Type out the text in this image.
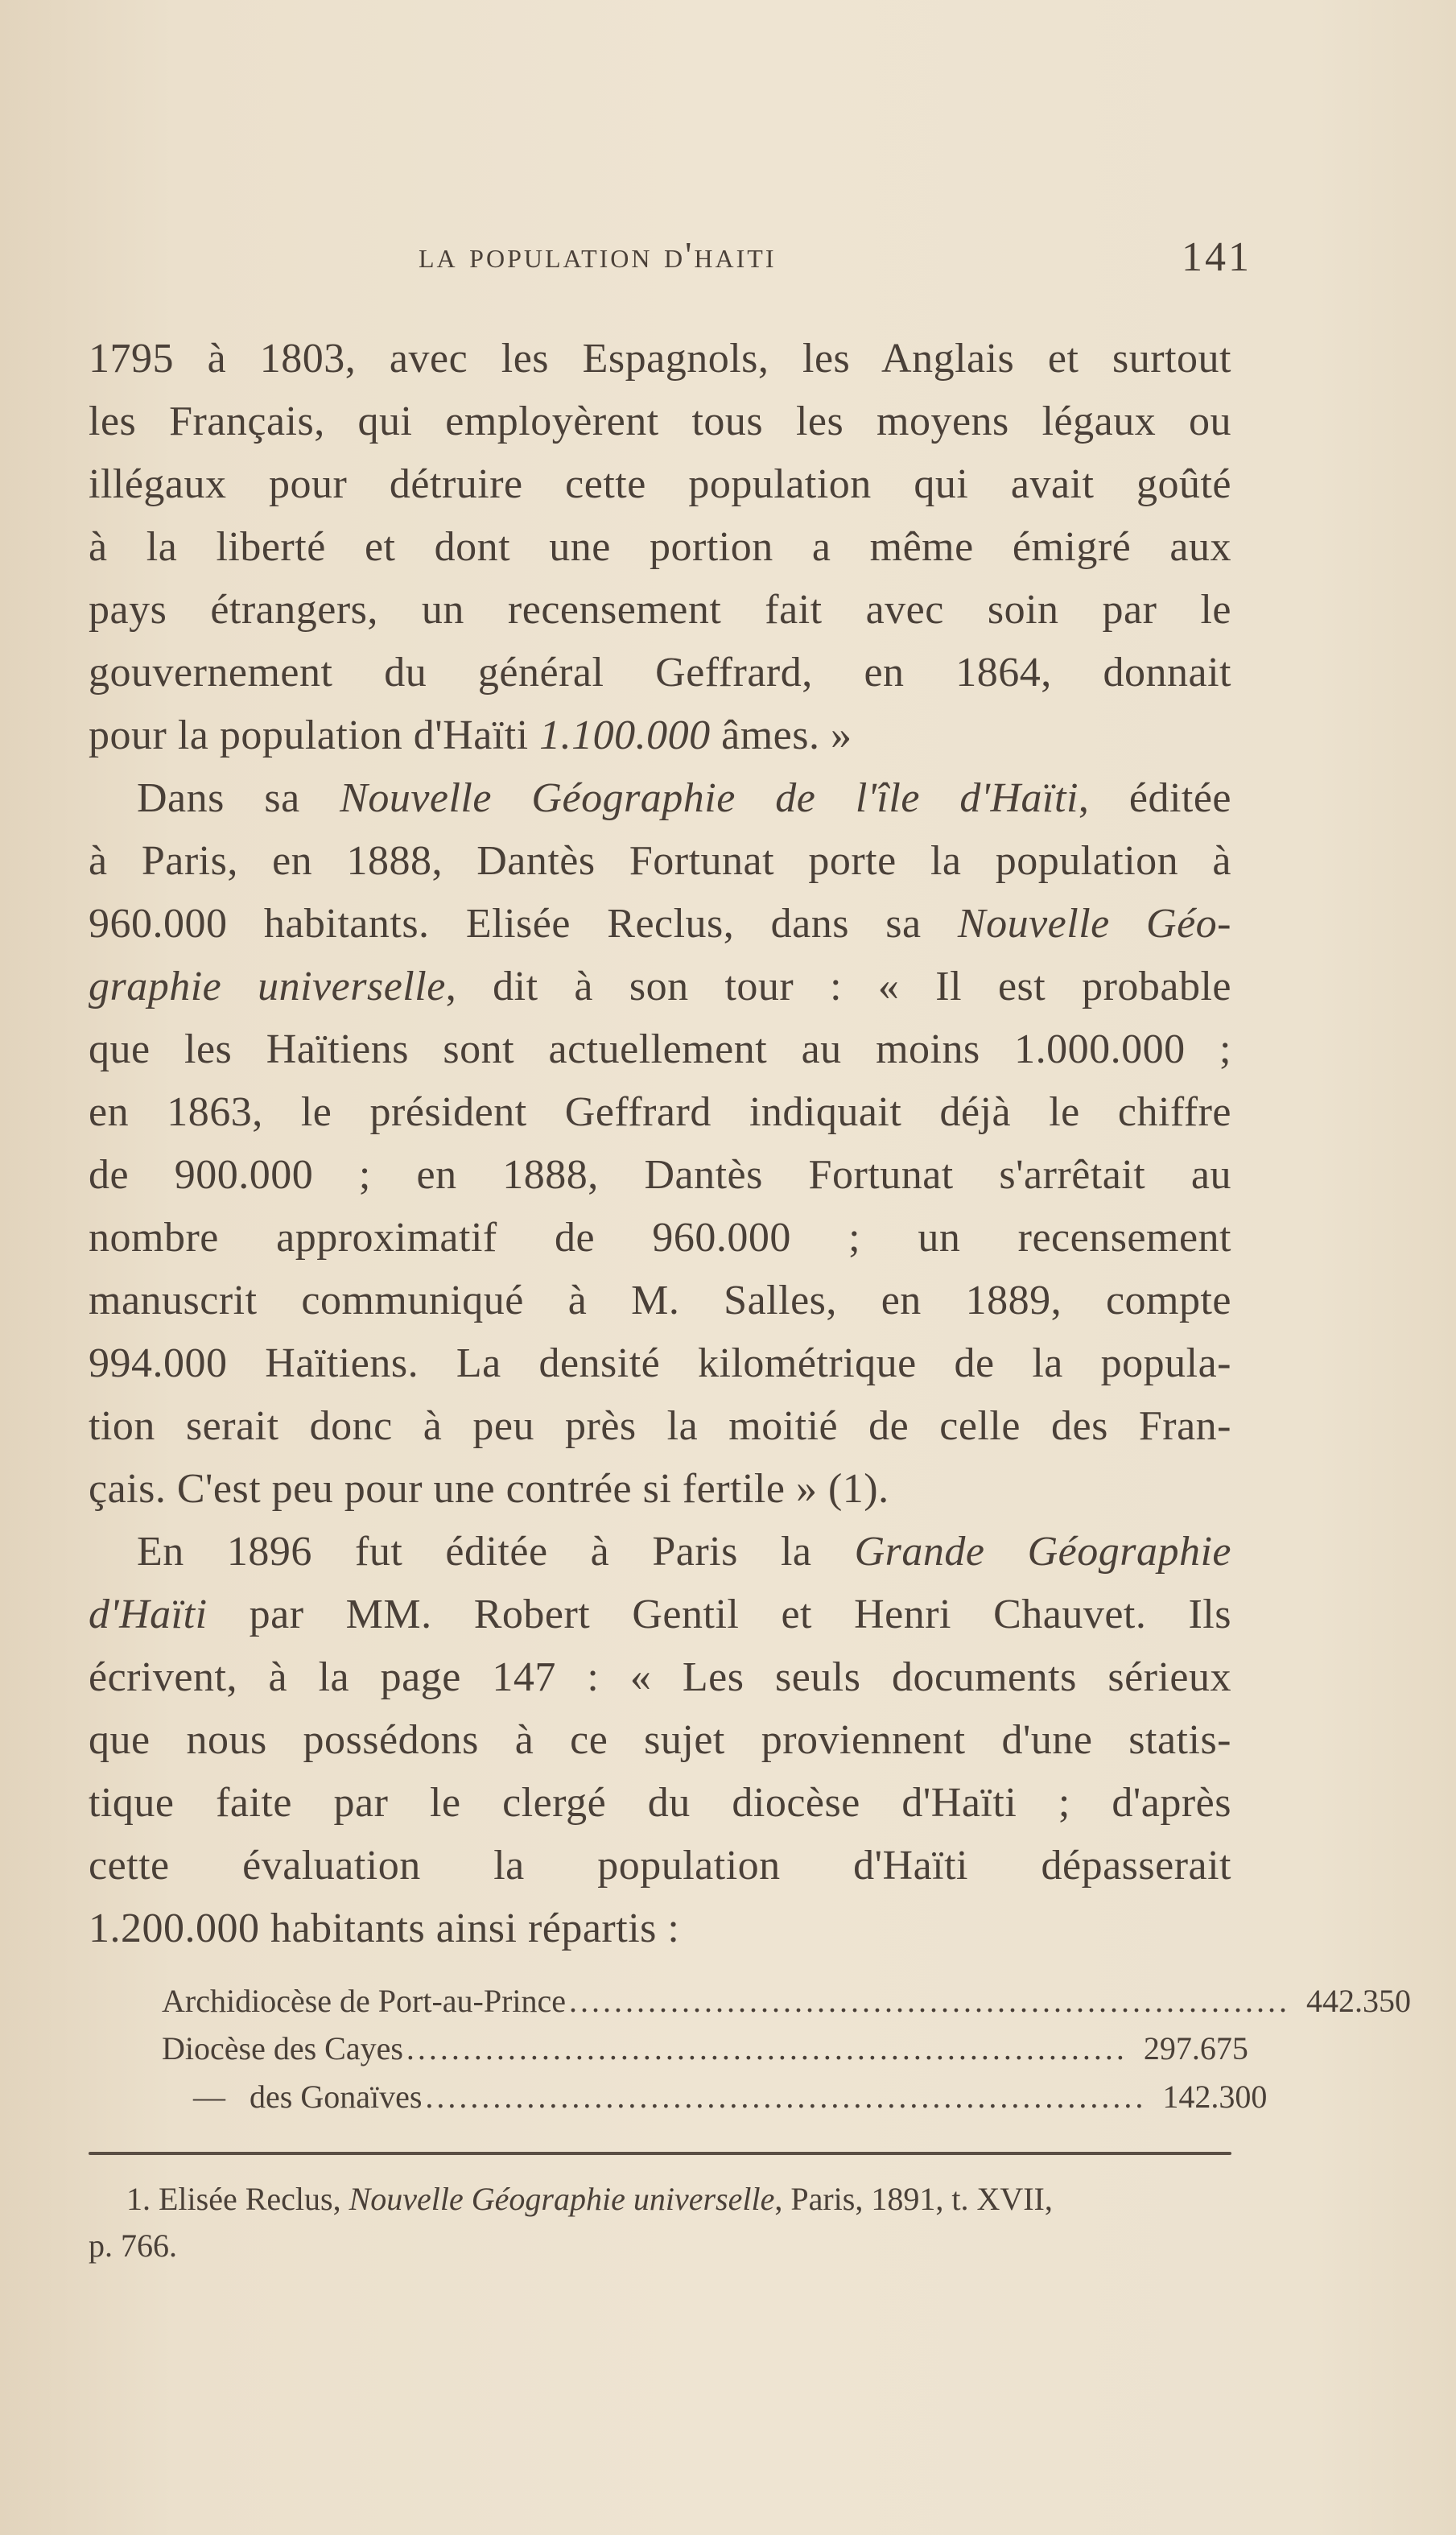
la population d'haiti	141
1795 à 1803, avec les Espagnols, les Anglais et surtout
les Français, qui employèrent tous les moyens légaux ou
illégaux pour détruire cette population qui avait goûté
à la liberté et dont une portion a même émigré aux
pays étrangers, un recensement fait avec soin par le
gouvernement du général Geffrard, en 1864, donnait
pour la population d'Haïti 1.100.000 âmes. »
Dans sa Nouvelle Géographie de l'île d'Haïti, éditée
à Paris, en 1888, Dantès Fortunat porte la population à
960.000 habitants. Elisée Reclus, dans sa Nouvelle Géo-
graphie universelle, dit à son tour : « Il est probable
que les Haïtiens sont actuellement au moins 1.000.000 ;
en 1863, le président Geffrard indiquait déjà le chiffre
de 900.000 ; en 1888, Dantès Fortunat s'arrêtait au
nombre approximatif de 960.000 ; un recensement
manuscrit communiqué à M. Salles, en 1889, compte
994.000 Haïtiens. La densité kilométrique de la popula-
tion serait donc à peu près la moitié de celle des Fran-
çais. C'est peu pour une contrée si fertile » (1).
En 1896 fut éditée à Paris la Grande Géographie
d'Haïti par MM. Robert Gentil et Henri Chauvet. Ils
écrivent, à la page 147 : « Les seuls documents sérieux
que nous possédons à ce sujet proviennent d'une statis-
tique faite par le clergé du diocèse d'Haïti ; d'après
cette évaluation la population d'Haïti dépasserait
1.200.000 habitants ainsi répartis :
Archidiocèse de Port-au-Prince ................................................................ 442.350
Diocèse des Cayes ................................................................ 297.675
—   des Gonaïves ................................................................ 142.300
1. Elisée Reclus, Nouvelle Géographie universelle, Paris, 1891, t. XVII,
p. 766.
